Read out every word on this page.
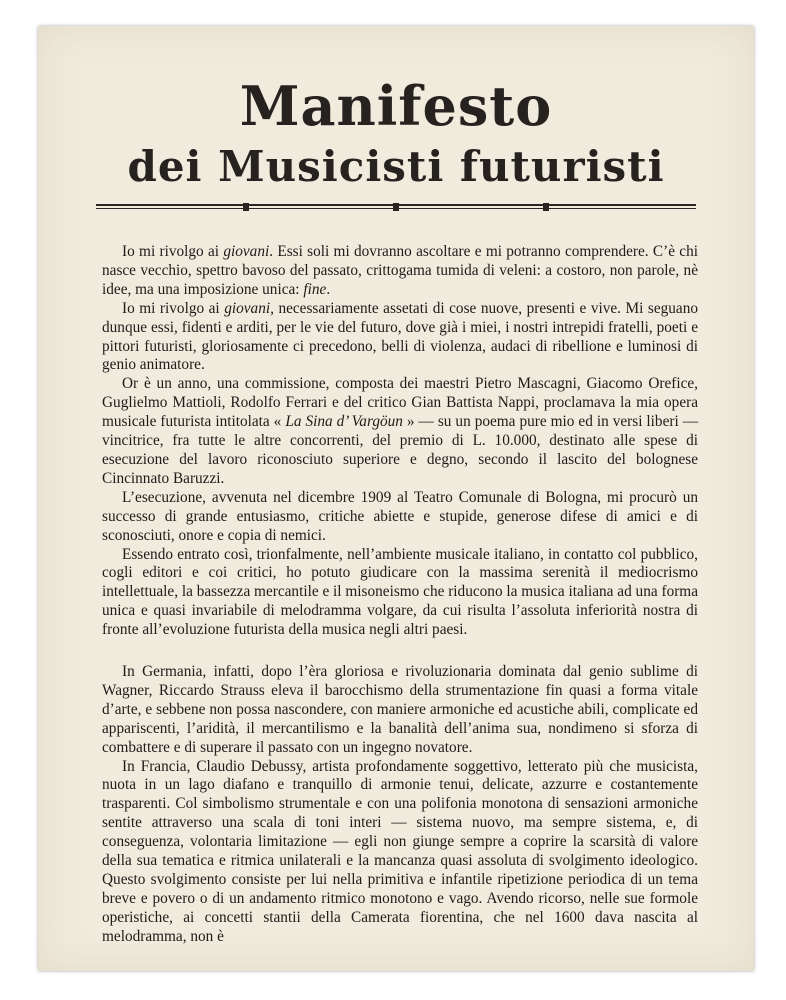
Manifesto
dei Musicisti futuristi

Io mi rivolgo ai giovani. Essi soli mi dovranno ascoltare e mi potranno comprendere. C’è chi nasce vecchio, spettro bavoso del passato, crittogama tumida di veleni: a costoro, non parole, nè idee, ma una imposizione unica: fine.

Io mi rivolgo ai giovani, necessariamente assetati di cose nuove, presenti e vive. Mi seguano dunque essi, fidenti e arditi, per le vie del futuro, dove già i miei, i nostri intrepidi fratelli, poeti e pittori futuristi, gloriosamente ci precedono, belli di violenza, audaci di ribellione e luminosi di genio animatore.

Or è un anno, una commissione, composta dei maestri Pietro Mascagni, Giacomo Orefice, Guglielmo Mattioli, Rodolfo Ferrari e del critico Gian Battista Nappi, proclamava la mia opera musicale futurista intitolata « La Sina d’ Vargöun » — su un poema pure mio ed in versi liberi — vincitrice, fra tutte le altre concorrenti, del premio di L. 10.000, destinato alle spese di esecuzione del lavoro riconosciuto superiore e degno, secondo il lascito del bolognese Cincinnato Baruzzi.

L’esecuzione, avvenuta nel dicembre 1909 al Teatro Comunale di Bologna, mi procurò un successo di grande entusiasmo, critiche abiette e stupide, generose difese di amici e di sconosciuti, onore e copia di nemici.

Essendo entrato così, trionfalmente, nell’ambiente musicale italiano, in contatto col pubblico, cogli editori e coi critici, ho potuto giudicare con la massima serenità il mediocrismo intellettuale, la bassezza mercantile e il misoneismo che riducono la musica italiana ad una forma unica e quasi invariabile di melodramma volgare, da cui risulta l’assoluta inferiorità nostra di fronte all’evoluzione futurista della musica negli altri paesi.

In Germania, infatti, dopo l’èra gloriosa e rivoluzionaria dominata dal genio sublime di Wagner, Riccardo Strauss eleva il barocchismo della strumentazione fin quasi a forma vitale d’arte, e sebbene non possa nascondere, con maniere armoniche ed acustiche abili, complicate ed appariscenti, l’aridità, il mercantilismo e la banalità dell’anima sua, nondimeno si sforza di combattere e di superare il passato con un ingegno novatore.

In Francia, Claudio Debussy, artista profondamente soggettivo, letterato più che musicista, nuota in un lago diafano e tranquillo di armonie tenui, delicate, azzurre e costantemente trasparenti. Col simbolismo strumentale e con una polifonia monotona di sensazioni armoniche sentite attraverso una scala di toni interi — sistema nuovo, ma sempre sistema, e, di conseguenza, volontaria limitazione — egli non giunge sempre a coprire la scarsità di valore della sua tematica e ritmica unilaterali e la mancanza quasi assoluta di svolgimento ideologico. Questo svolgimento consiste per lui nella primitiva e infantile ripetizione periodica di un tema breve e povero o di un andamento ritmico monotono e vago. Avendo ricorso, nelle sue formole operistiche, ai concetti stantii della Camerata fiorentina, che nel 1600 dava nascita al melodramma, non è
